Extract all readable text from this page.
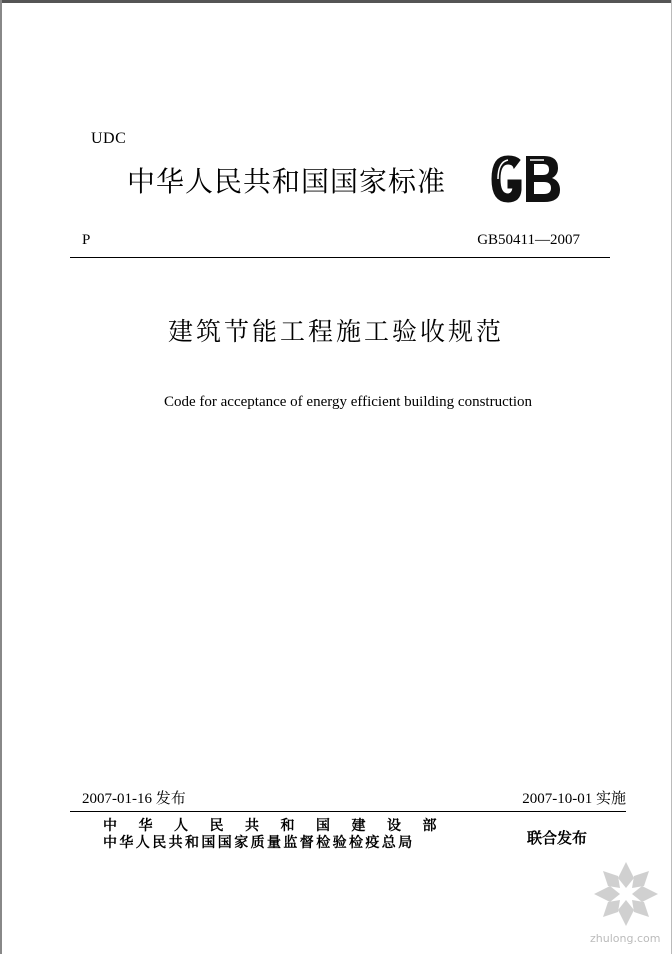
UDC
中华人民共和国国家标准
P	GB50411—2007
建筑节能工程施工验收规范
Code for acceptance of energy efficient building construction
2007-01-16 发布	2007-10-01 实施
中华人民共和国建设部
中华人民共和国国家质量监督检验检疫总局	联合发布
zhulong.com
